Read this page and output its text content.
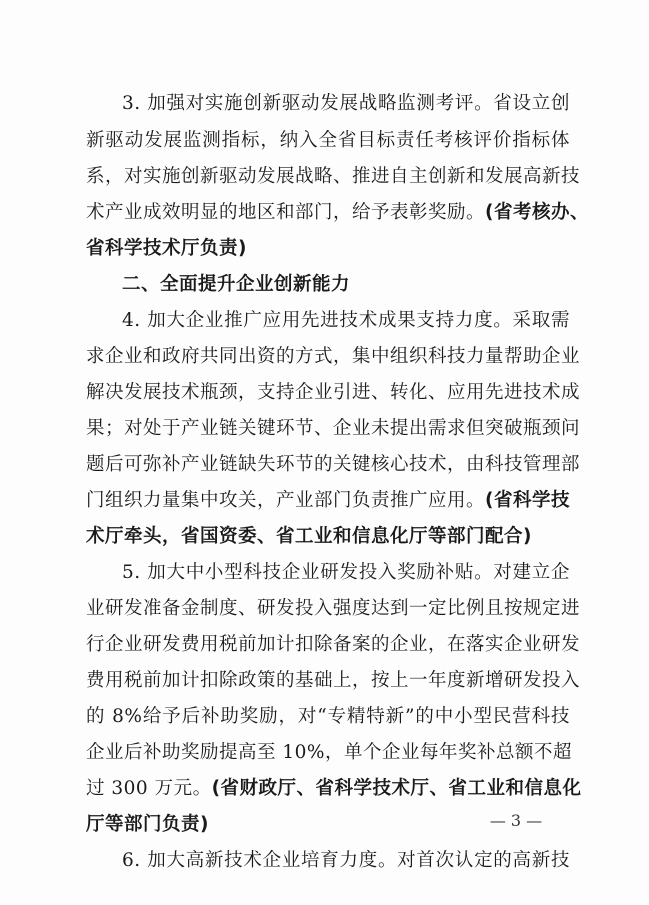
3. 加强对实施创新驱动发展战略监测考评。省设立创
新驱动发展监测指标，纳入全省目标责任考核评价指标体
系，对实施创新驱动发展战略、推进自主创新和发展高新技
术产业成效明显的地区和部门，给予表彰奖励。(省考核办、
省科学技术厅负责)
二、全面提升企业创新能力
4. 加大企业推广应用先进技术成果支持力度。采取需
求企业和政府共同出资的方式，集中组织科技力量帮助企业
解决发展技术瓶颈，支持企业引进、转化、应用先进技术成
果；对处于产业链关键环节、企业未提出需求但突破瓶颈问
题后可弥补产业链缺失环节的关键核心技术，由科技管理部
门组织力量集中攻关，产业部门负责推广应用。(省科学技
术厅牵头，省国资委、省工业和信息化厅等部门配合)
5. 加大中小型科技企业研发投入奖励补贴。对建立企
业研发准备金制度、研发投入强度达到一定比例且按规定进
行企业研发费用税前加计扣除备案的企业，在落实企业研发
费用税前加计扣除政策的基础上，按上一年度新增研发投入
的 8%给予后补助奖励，对“专精特新”的中小型民营科技
企业后补助奖励提高至 10%，单个企业每年奖补总额不超
过 300 万元。(省财政厅、省科学技术厅、省工业和信息化
厅等部门负责)
6. 加大高新技术企业培育力度。对首次认定的高新技
— 3 —
